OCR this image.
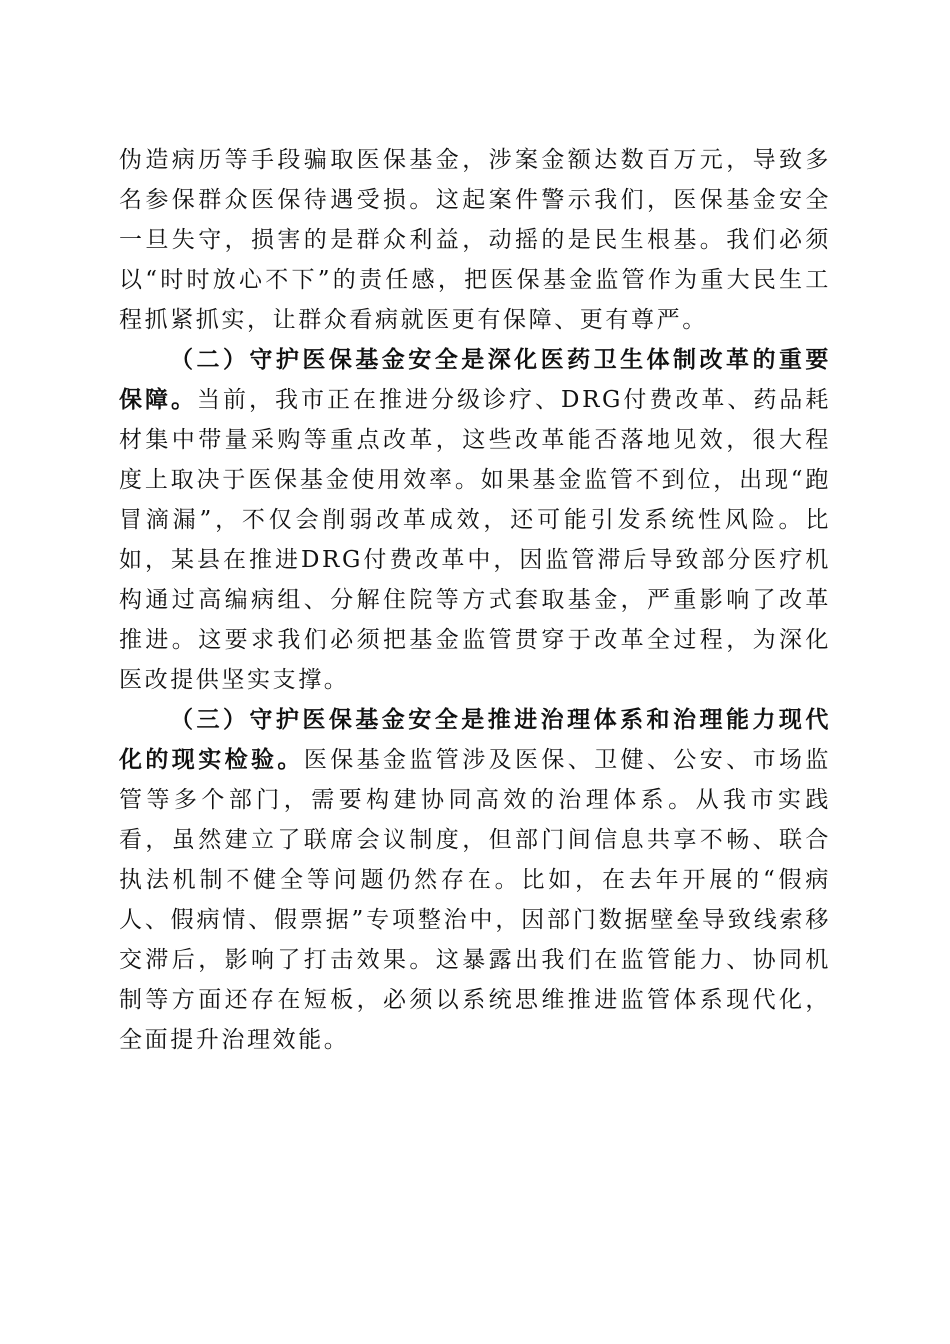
伪造病历等手段骗取医保基金，涉案金额达数百万元，导致多名参保群众医保待遇受损。这起案件警示我们，医保基金安全一旦失守，损害的是群众利益，动摇的是民生根基。我们必须以“时时放心不下”的责任感，把医保基金监管作为重大民生工程抓紧抓实，让群众看病就医更有保障、更有尊严。

（二）守护医保基金安全是深化医药卫生体制改革的重要保障。当前，我市正在推进分级诊疗、DRG付费改革、药品耗材集中带量采购等重点改革，这些改革能否落地见效，很大程度上取决于医保基金使用效率。如果基金监管不到位，出现“跑冒滴漏”，不仅会削弱改革成效，还可能引发系统性风险。比如，某县在推进DRG付费改革中，因监管滞后导致部分医疗机构通过高编病组、分解住院等方式套取基金，严重影响了改革推进。这要求我们必须把基金监管贯穿于改革全过程，为深化医改提供坚实支撑。

（三）守护医保基金安全是推进治理体系和治理能力现代化的现实检验。医保基金监管涉及医保、卫健、公安、市场监管等多个部门，需要构建协同高效的治理体系。从我市实践看，虽然建立了联席会议制度，但部门间信息共享不畅、联合执法机制不健全等问题仍然存在。比如，在去年开展的“假病人、假病情、假票据”专项整治中，因部门数据壁垒导致线索移交滞后，影响了打击效果。这暴露出我们在监管能力、协同机制等方面还存在短板，必须以系统思维推进监管体系现代化，全面提升治理效能。
